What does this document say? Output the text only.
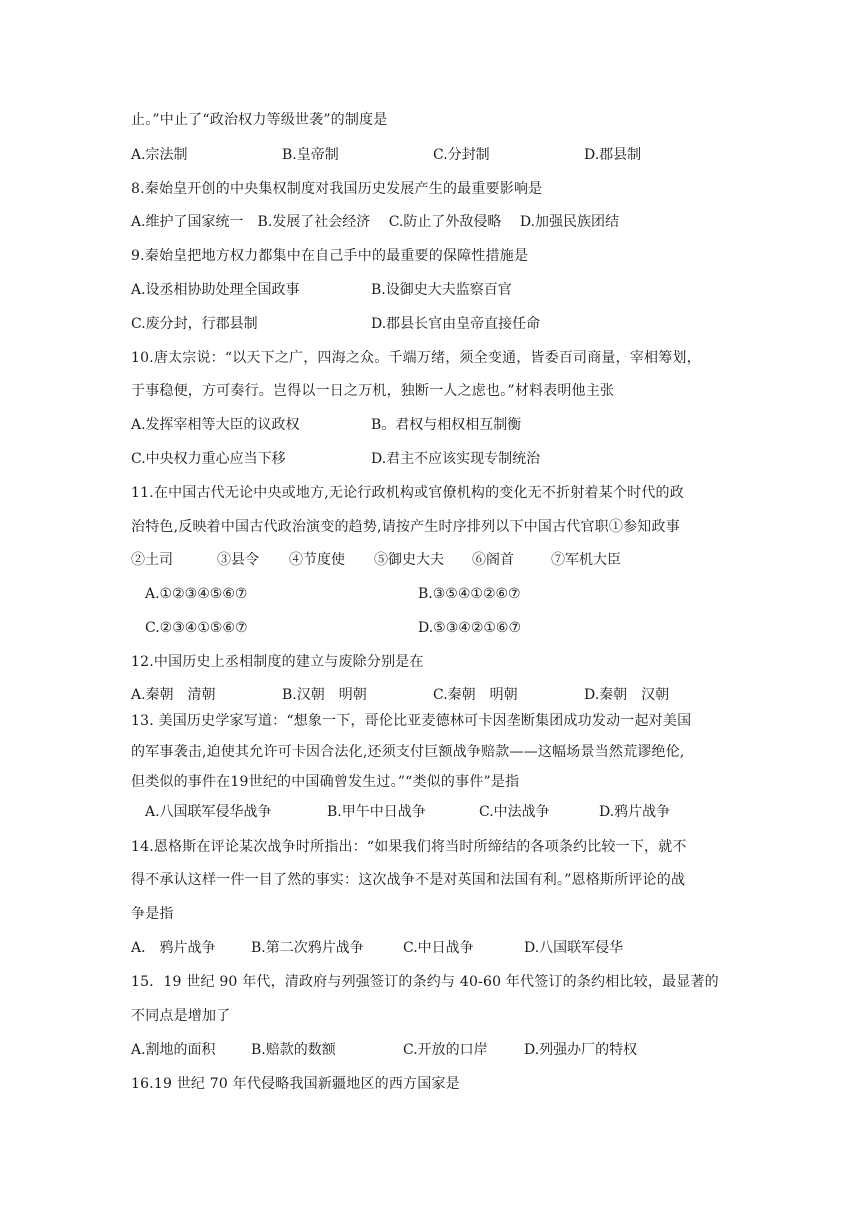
止。”中止了“政治权力等级世袭”的制度是
A.宗法制	B.皇帝制	C.分封制	D.郡县制
8.秦始皇开创的中央集权制度对我国历史发展产生的最重要影响是
A.维护了国家统一　B.发展了社会经济　 C.防止了外敌侵略　 D.加强民族团结
9.秦始皇把地方权力都集中在自己手中的最重要的保障性措施是
A.设丞相协助处理全国政事	B.设御史大夫监察百官
C.废分封，行郡县制	D.郡县长官由皇帝直接任命
10.唐太宗说：“以天下之广，四海之众。千端万绪，须全变通，皆委百司商量，宰相筹划，
于事稳便，方可奏行。岂得以一日之万机，独断一人之虑也。”材料表明他主张
A.发挥宰相等大臣的议政权	B。君权与相权相互制衡
C.中央权力重心应当下移	D.君主不应该实现专制统治
11.在中国古代无论中央或地方,无论行政机构或官僚机构的变化无不折射着某个时代的政
治特色,反映着中国古代政治演变的趋势,请按产生时序排列以下中国古代官职①参知政事
②土司	③县令 ④节度使 ⑤御史大夫 ⑥阁首	⑦军机大臣
A.①②③④⑤⑥⑦	B.③⑤④①②⑥⑦
C.②③④①⑤⑥⑦	D.⑤③④②①⑥⑦
12.中国历史上丞相制度的建立与废除分别是在
A.秦朝　清朝	B.汉朝　明朝	C.秦朝　明朝	D.秦朝　汉朝
13. 美国历史学家写道：“想象一下，哥伦比亚麦德林可卡因垄断集团成功发动一起对美国
的军事袭击,迫使其允许可卡因合法化,还须支付巨额战争赔款——这幅场景当然荒谬绝伦,
但类似的事件在19世纪的中国确曾发生过。”“类似的事件”是指
A.八国联军侵华战争	B.甲午中日战争	C.中法战争	D.鸦片战争
14.恩格斯在评论某次战争时所指出：“如果我们将当时所缔结的各项条约比较一下，就不
得不承认这样一件一目了然的事实：这次战争不是对英国和法国有利。”恩格斯所评论的战
争是指
A． 鸦片战争	B.第二次鸦片战争	C.中日战争	D.八国联军侵华
15．19 世纪 90 年代，清政府与列强签订的条约与 40-60 年代签订的条约相比较，最显著的
不同点是增加了
A.割地的面积	B.赔款的数额	C.开放的口岸	D.列强办厂的特权
16.19 世纪 70 年代侵略我国新疆地区的西方国家是
